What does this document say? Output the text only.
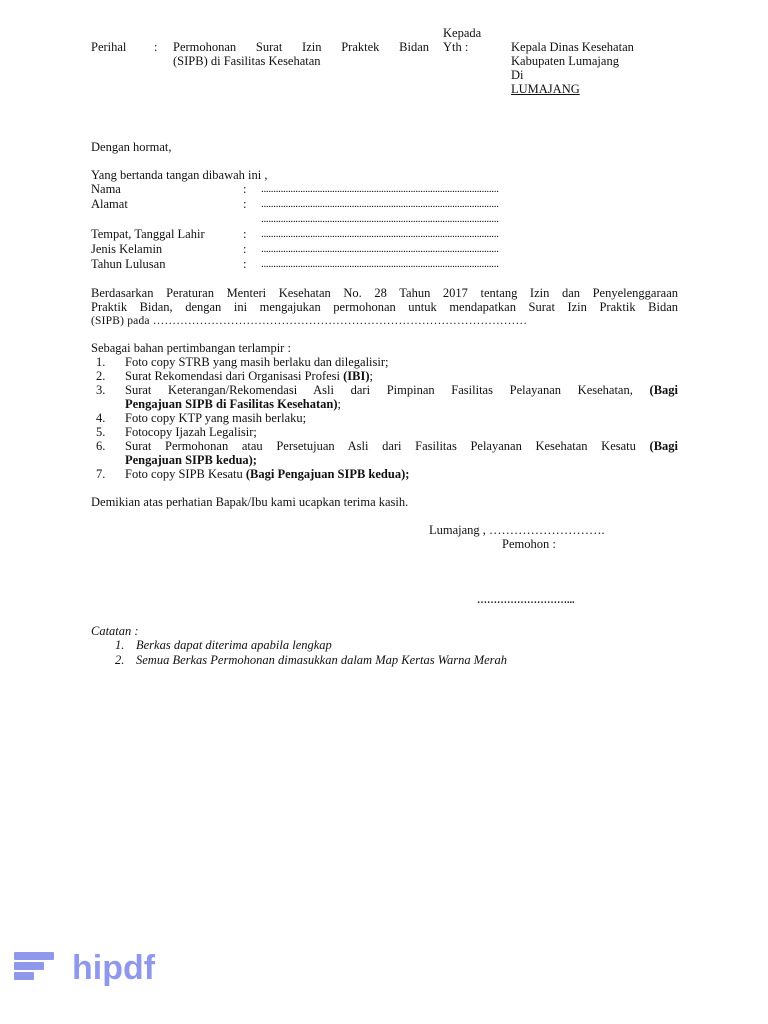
Perihal : Permohonan Surat Izin Praktek Bidan
(SIPB) di Fasilitas Kesehatan
Kepada
Yth :	Kepala Dinas Kesehatan
Kabupaten Lumajang
Di
LUMAJANG
Dengan hormat,
Yang bertanda tangan dibawah ini ,
Nama	: .................................................................................................
Alamat	: .................................................................................................
.................................................................................................
Tempat, Tanggal Lahir	: .................................................................................................
Jenis Kelamin	: .................................................................................................
Tahun Lulusan	: .................................................................................................
Berdasarkan Peraturan Menteri Kesehatan No. 28 Tahun 2017 tentang Izin dan Penyelenggaraan
Praktik Bidan, dengan ini mengajukan permohonan untuk mendapatkan Surat Izin Praktik Bidan
(SIPB) pada ……………………………………………………………………………………
Sebagai bahan pertimbangan terlampir :
1. Foto copy STRB yang masih berlaku dan dilegalisir;
2. Surat Rekomendasi dari Organisasi Profesi (IBI);
3. Surat Keterangan/Rekomendasi Asli dari Pimpinan Fasilitas Pelayanan Kesehatan, (Bagi
Pengajuan SIPB di Fasilitas Kesehatan);
4. Foto copy KTP yang masih berlaku;
5. Fotocopy Ijazah Legalisir;
6. Surat Permohonan atau Persetujuan Asli dari Fasilitas Pelayanan Kesehatan Kesatu (Bagi
Pengajuan SIPB kedua);
7. Foto copy SIPB Kesatu (Bagi Pengajuan SIPB kedua);
Demikian atas perhatian Bapak/Ibu kami ucapkan terima kasih.
Lumajang , ……………………….
Pemohon :
………………………...
Catatan :
1. Berkas dapat diterima apabila lengkap
2. Semua Berkas Permohonan dimasukkan dalam Map Kertas Warna Merah
hipdf
